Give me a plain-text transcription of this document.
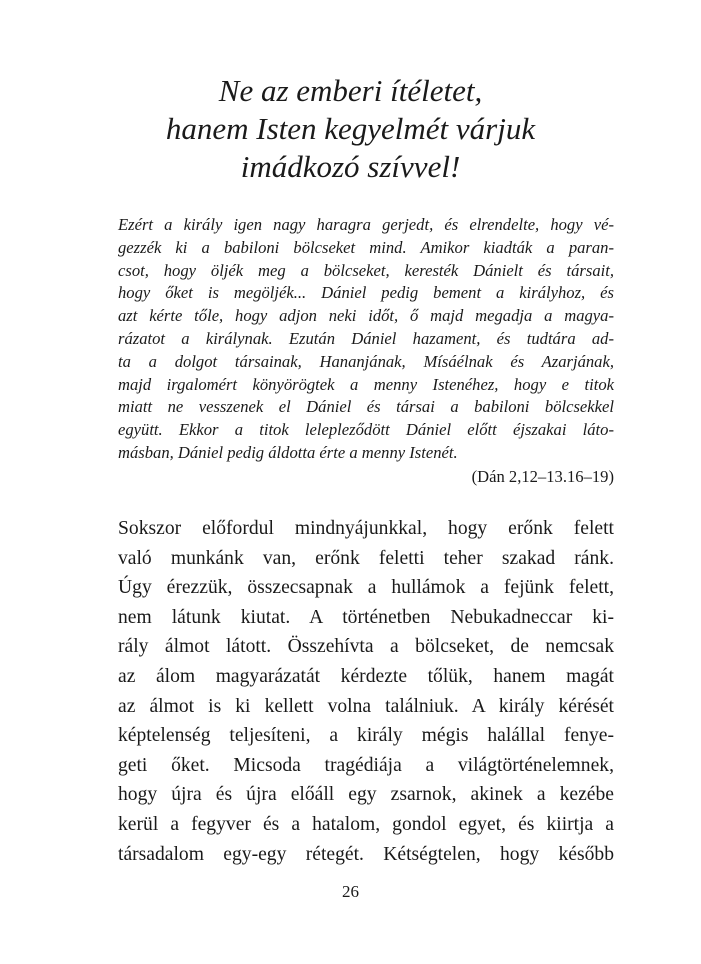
Ne az emberi ítéletet,
hanem Isten kegyelmét várjuk
imádkozó szívvel!
Ezért a király igen nagy haragra gerjedt, és elrendelte, hogy vé-
gezzék ki a babiloni bölcseket mind. Amikor kiadták a paran-
csot, hogy öljék meg a bölcseket, keresték Dánielt és társait,
hogy őket is megöljék... Dániel pedig bement a királyhoz, és
azt kérte tőle, hogy adjon neki időt, ő majd megadja a magya-
rázatot a királynak. Ezután Dániel hazament, és tudtára ad-
ta a dolgot társainak, Hananjának, Mísáélnak és Azarjának,
majd irgalomért könyörögtek a menny Istenéhez, hogy e titok
miatt ne vesszenek el Dániel és társai a babiloni bölcsekkel
együtt. Ekkor a titok lelepleződött Dániel előtt éjszakai láto-
másban, Dániel pedig áldotta érte a menny Istenét.
(Dán 2,12–13.16–19)
Sokszor előfordul mindnyájunkkal, hogy erőnk felett
való munkánk van, erőnk feletti teher szakad ránk.
Úgy érezzük, összecsapnak a hullámok a fejünk felett,
nem látunk kiutat. A történetben Nebukadneccar ki-
rály álmot látott. Összehívta a bölcseket, de nemcsak
az álom magyarázatát kérdezte tőlük, hanem magát
az álmot is ki kellett volna találniuk. A király kérését
képtelenség teljesíteni, a király mégis halállal fenye-
geti őket. Micsoda tragédiája a világtörténelemnek,
hogy újra és újra előáll egy zsarnok, akinek a kezébe
kerül a fegyver és a hatalom, gondol egyet, és kiirtja a
társadalom egy-egy rétegét. Kétségtelen, hogy később
26
